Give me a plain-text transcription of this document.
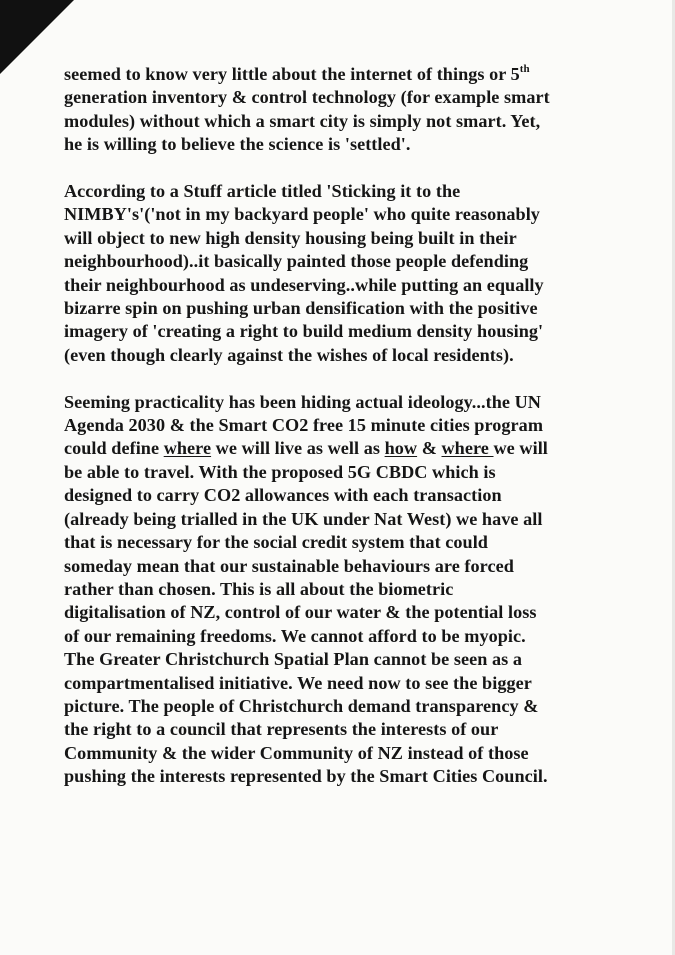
seemed to know very little about the internet of things or 5th
generation inventory & control technology (for example smart
modules) without which a smart city is simply not smart. Yet,
he is willing to believe the science is 'settled'.
According to a Stuff article titled 'Sticking it to the
NIMBY's'('not in my backyard people' who quite reasonably
will object to new high density housing being built in their
neighbourhood)..it basically painted those people defending
their neighbourhood as undeserving..while putting an equally
bizarre spin on pushing urban densification with the positive
imagery of 'creating a right to build medium density housing'
(even though clearly against the wishes of local residents).
Seeming practicality has been hiding actual ideology...the UN
Agenda 2030 & the Smart CO2 free 15 minute cities program
could define where we will live as well as how & where we will
be able to travel. With the proposed 5G CBDC which is
designed to carry CO2 allowances with each transaction
(already being trialled in the UK under Nat West) we have all
that is necessary for the social credit system that could
someday mean that our sustainable behaviours are forced
rather than chosen. This is all about the biometric
digitalisation of NZ, control of our water & the potential loss
of our remaining freedoms. We cannot afford to be myopic.
The Greater Christchurch Spatial Plan cannot be seen as a
compartmentalised initiative. We need now to see the bigger
picture. The people of Christchurch demand transparency &
the right to a council that represents the interests of our
Community & the wider Community of NZ instead of those
pushing the interests represented by the Smart Cities Council.
